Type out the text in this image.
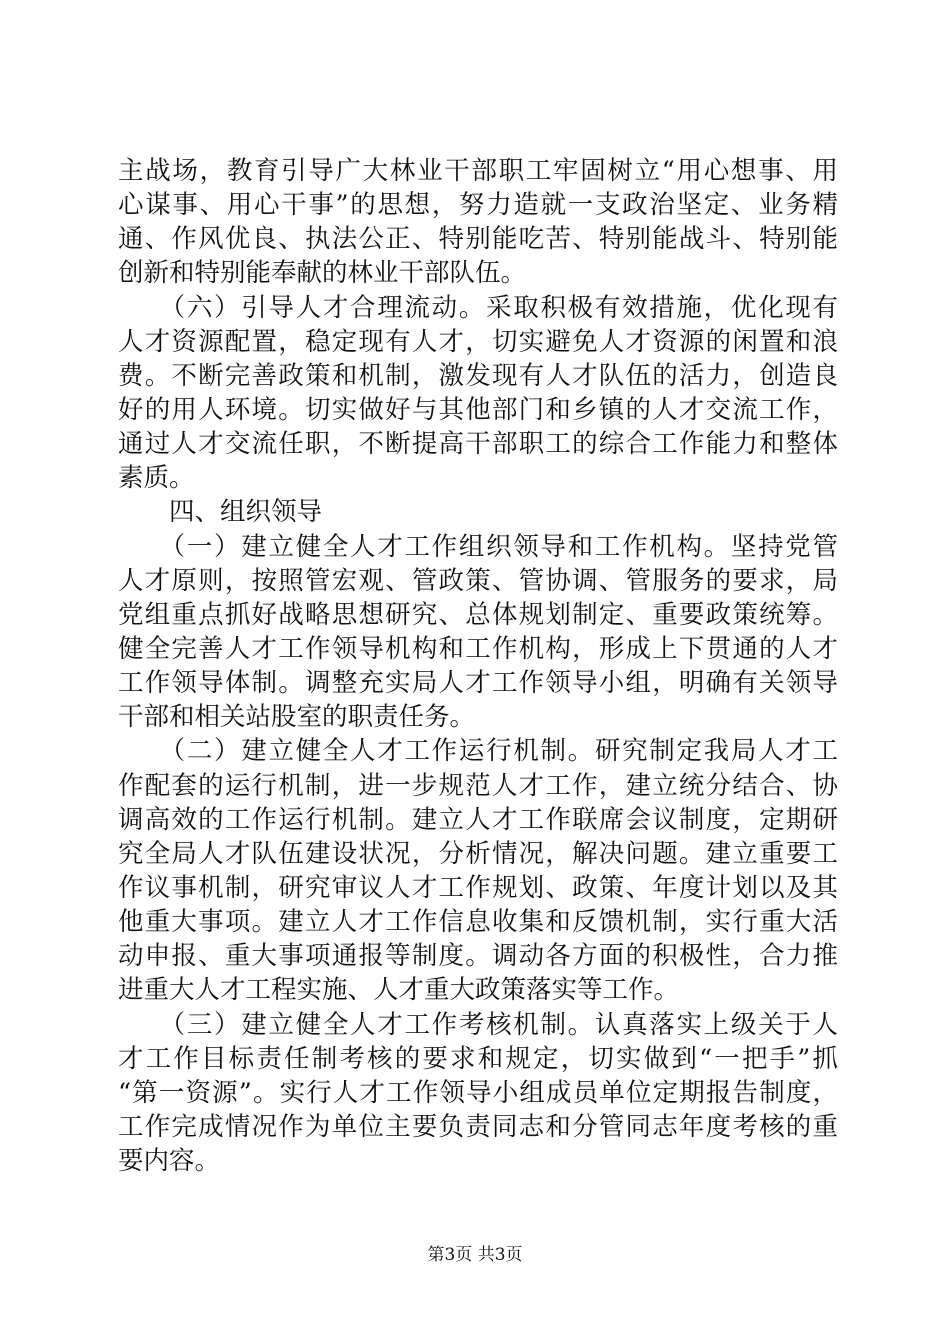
主战场，教育引导广大林业干部职工牢固树立“用心想事、用
心谋事、用心干事”的思想，努力造就一支政治坚定、业务精
通、作风优良、执法公正、特别能吃苦、特别能战斗、特别能
创新和特别能奉献的林业干部队伍。
　　（六）引导人才合理流动。采取积极有效措施，优化现有
人才资源配置，稳定现有人才，切实避免人才资源的闲置和浪
费。不断完善政策和机制，激发现有人才队伍的活力，创造良
好的用人环境。切实做好与其他部门和乡镇的人才交流工作，
通过人才交流任职，不断提高干部职工的综合工作能力和整体
素质。
　　四、组织领导
　　（一）建立健全人才工作组织领导和工作机构。坚持党管
人才原则，按照管宏观、管政策、管协调、管服务的要求，局
党组重点抓好战略思想研究、总体规划制定、重要政策统筹。
健全完善人才工作领导机构和工作机构，形成上下贯通的人才
工作领导体制。调整充实局人才工作领导小组，明确有关领导
干部和相关站股室的职责任务。
　　（二）建立健全人才工作运行机制。研究制定我局人才工
作配套的运行机制，进一步规范人才工作，建立统分结合、协
调高效的工作运行机制。建立人才工作联席会议制度，定期研
究全局人才队伍建设状况，分析情况，解决问题。建立重要工
作议事机制，研究审议人才工作规划、政策、年度计划以及其
他重大事项。建立人才工作信息收集和反馈机制，实行重大活
动申报、重大事项通报等制度。调动各方面的积极性，合力推
进重大人才工程实施、人才重大政策落实等工作。
　　（三）建立健全人才工作考核机制。认真落实上级关于人
才工作目标责任制考核的要求和规定，切实做到“一把手”抓
“第一资源”。实行人才工作领导小组成员单位定期报告制度，
工作完成情况作为单位主要负责同志和分管同志年度考核的重
要内容。
第3页 共3页
